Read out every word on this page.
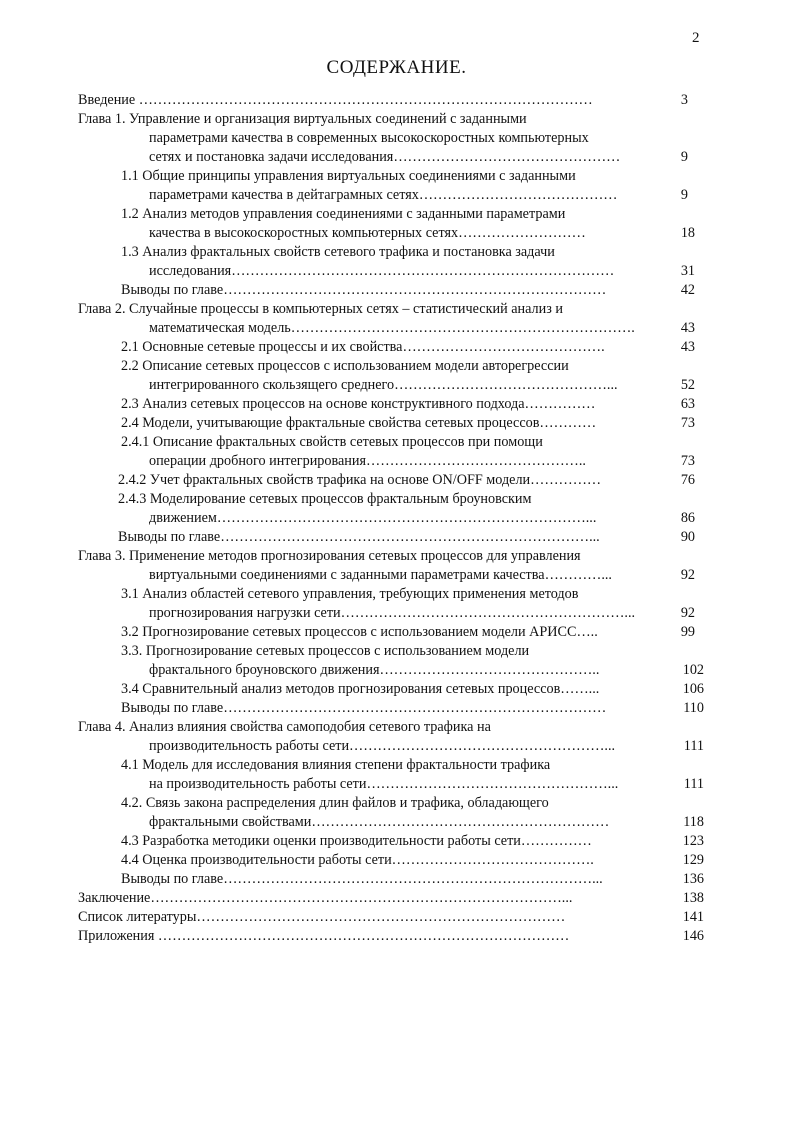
2
СОДЕРЖАНИЕ.
Введение ……………………………………………………………………………………	3
Глава 1. Управление и организация виртуальных соединений с заданными
параметрами качества в современных высокоскоростных компьютерных
сетях и постановка задачи исследования…………………………………………	9
1.1 Общие принципы управления виртуальных соединениями с заданными
параметрами качества в дейтаграмных сетях……………………………………	9
1.2 Анализ методов управления соединениями с заданными параметрами
качества в высокоскоростных компьютерных сетях………………………	18
1.3 Анализ фрактальных свойств сетевого трафика и постановка задачи
исследования………………………………………………………………………	31
Выводы по главе………………………………………………………………………	42
Глава 2. Случайные процессы в компьютерных сетях – статистический анализ и
математическая модель……………………………………………………………….	43
2.1 Основные сетевые процессы и их свойства…………………………………….	43
2.2 Описание сетевых процессов с использованием модели авторегрессии
интегрированного скользящего среднего………………………………………...	52
2.3 Анализ сетевых процессов на основе конструктивного подхода……………	63
2.4 Модели, учитывающие фрактальные свойства сетевых процессов…………	73
2.4.1 Описание фрактальных свойств сетевых процессов при помощи
операции дробного интегрирования………………………………………..	73
2.4.2 Учет фрактальных свойств трафика на основе ON/OFF модели……………	76
2.4.3 Моделирование сетевых процессов фрактальным броуновским
движением……………………………………………………………………...	86
Выводы по главе……………………………………………………………………...	90
Глава 3. Применение методов прогнозирования сетевых процессов для управления
виртуальными соединениями с заданными параметрами качества…………...	92
3.1 Анализ областей сетевого управления, требующих применения методов
прогнозирования нагрузки сети……………………………………………………...	92
3.2 Прогнозирование сетевых процессов с использованием модели АРИСС…..	99
3.3. Прогнозирование сетевых процессов с использованием модели
фрактального броуновского движения………………………………………..	102
3.4 Сравнительный анализ методов прогнозирования сетевых процессов……...	106
Выводы по главе………………………………………………………………………	110
Глава 4. Анализ влияния свойства самоподобия сетевого трафика на
производительность работы сети………………………………………………...	111
4.1 Модель для исследования влияния степени фрактальности трафика
на производительность работы сети……………………………………………...	111
4.2. Связь закона распределения длин файлов и трафика, обладающего
фрактальными свойствами………………………………………………………	118
4.3 Разработка методики оценки производительности работы сети……………	123
4.4 Оценка производительности работы сети…………………………………….	129
Выводы по главе……………………………………………………………………...	136
Заключение……………………………………………………………………………...	138
Список литературы……………………………………………………………………	141
Приложения ……………………………………………………………………………	146
